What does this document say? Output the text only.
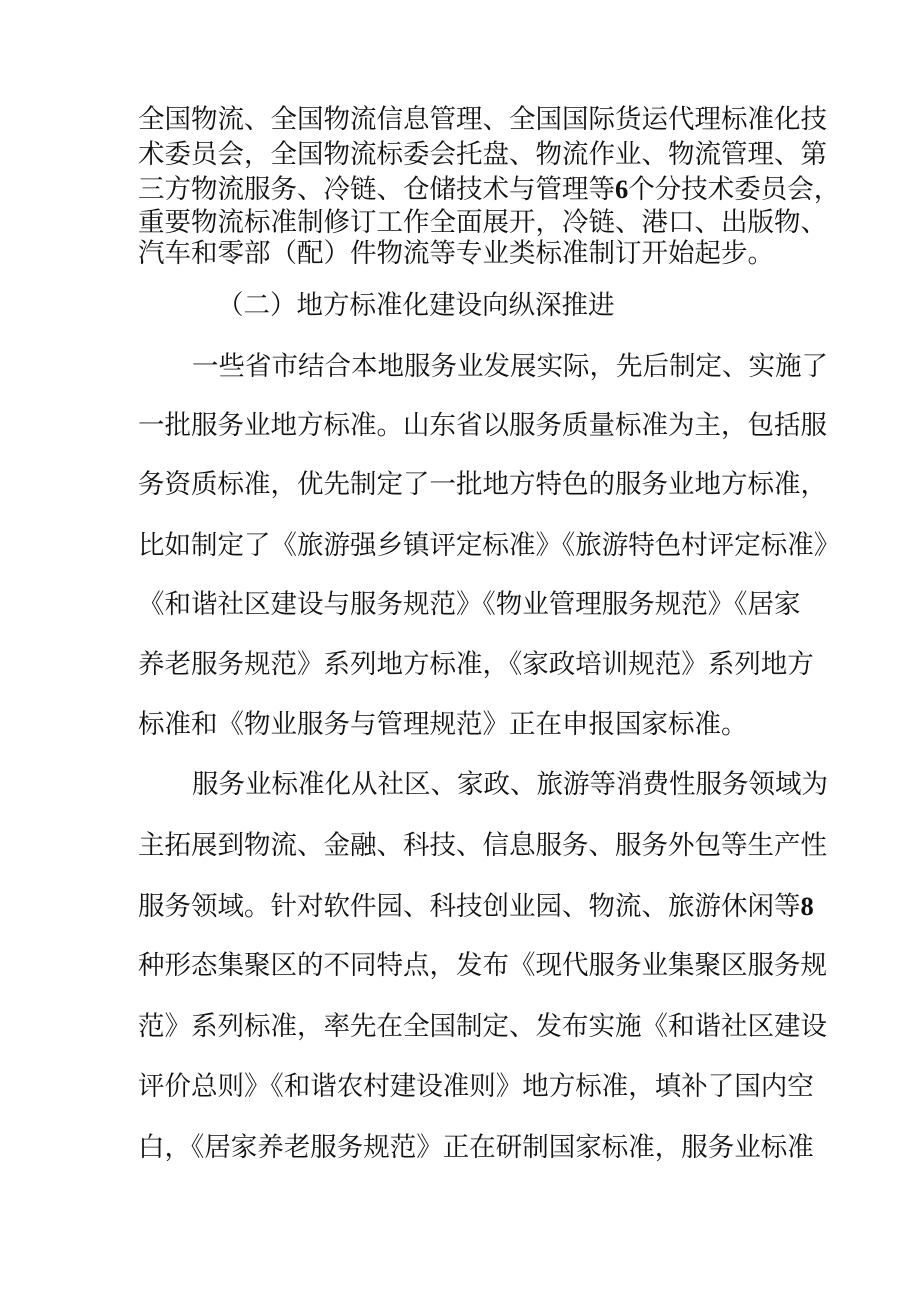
全国物流、全国物流信息管理、全国国际货运代理标准化技
术委员会，全国物流标委会托盘、物流作业、物流管理、第
三方物流服务、冷链、仓储技术与管理等6个分技术委员会，
重要物流标准制修订工作全面展开，冷链、港口、出版物、
汽车和零部（配）件物流等专业类标准制订开始起步。
（二）地方标准化建设向纵深推进
一些省市结合本地服务业发展实际，先后制定、实施了
一批服务业地方标准。山东省以服务质量标准为主，包括服
务资质标准，优先制定了一批地方特色的服务业地方标准，
比如制定了《旅游强乡镇评定标准》《旅游特色村评定标准》
《和谐社区建设与服务规范》《物业管理服务规范》《居家
养老服务规范》系列地方标准，《家政培训规范》系列地方
标准和《物业服务与管理规范》正在申报国家标准。
服务业标准化从社区、家政、旅游等消费性服务领域为
主拓展到物流、金融、科技、信息服务、服务外包等生产性
服务领域。针对软件园、科技创业园、物流、旅游休闲等8
种形态集聚区的不同特点，发布《现代服务业集聚区服务规
范》系列标准，率先在全国制定、发布实施《和谐社区建设
评价总则》《和谐农村建设准则》地方标准，填补了国内空
白，《居家养老服务规范》正在研制国家标准，服务业标准
